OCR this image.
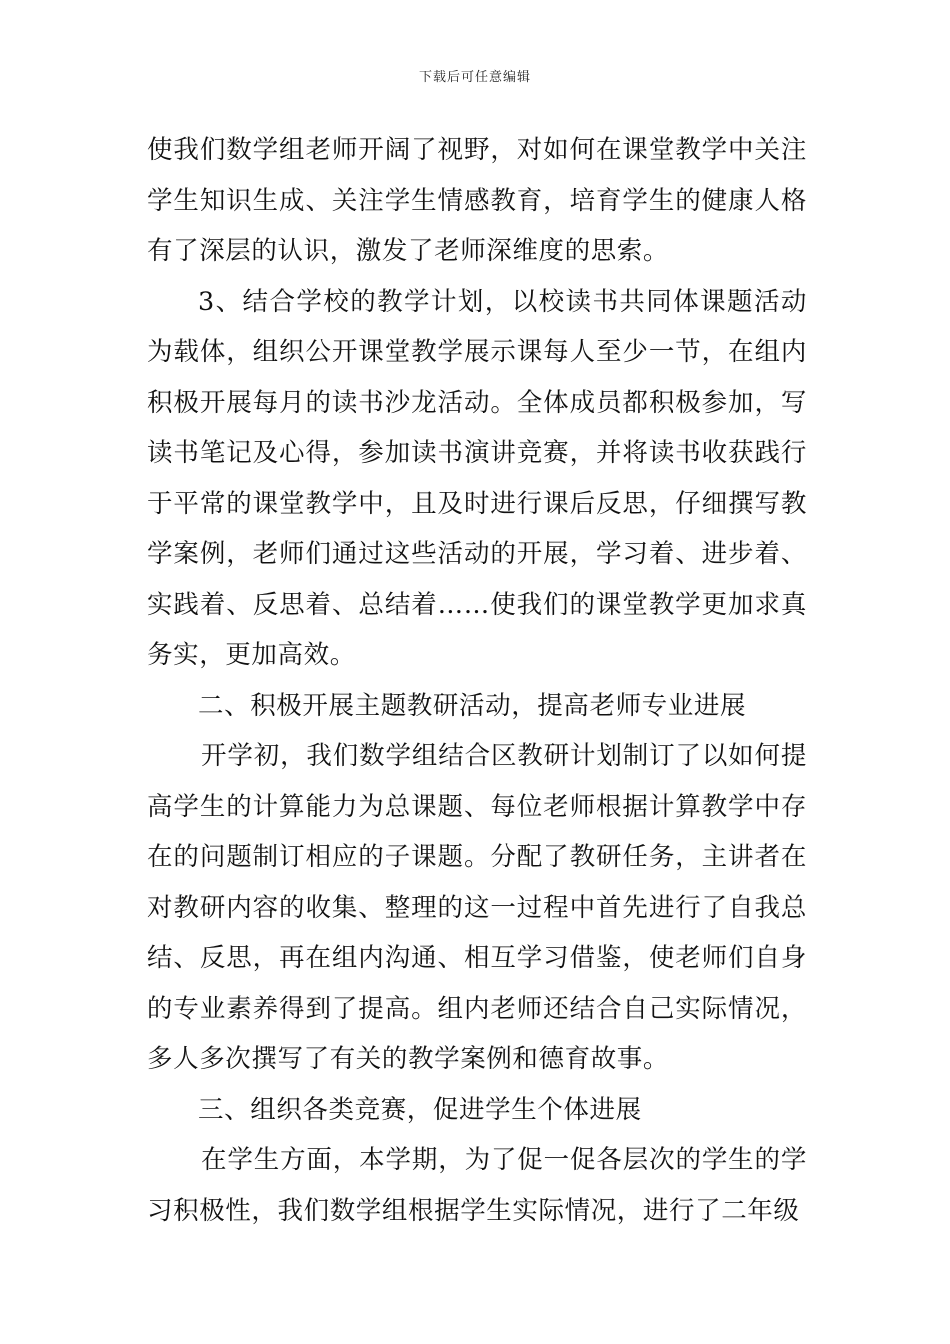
下载后可任意编辑

使我们数学组老师开阔了视野，对如何在课堂教学中关注学生知识生成、关注学生情感教育，培育学生的健康人格有了深层的认识，激发了老师深维度的思索。

3、结合学校的教学计划，以校读书共同体课题活动为载体，组织公开课堂教学展示课每人至少一节，在组内积极开展每月的读书沙龙活动。全体成员都积极参加，写读书笔记及心得，参加读书演讲竞赛，并将读书收获践行于平常的课堂教学中，且及时进行课后反思，仔细撰写教学案例，老师们通过这些活动的开展，学习着、进步着、实践着、反思着、总结着……使我们的课堂教学更加求真务实，更加高效。

二、积极开展主题教研活动，提高老师专业进展

开学初，我们数学组结合区教研计划制订了以如何提高学生的计算能力为总课题、每位老师根据计算教学中存在的问题制订相应的子课题。分配了教研任务，主讲者在对教研内容的收集、整理的这一过程中首先进行了自我总结、反思，再在组内沟通、相互学习借鉴，使老师们自身的专业素养得到了提高。组内老师还结合自己实际情况，多人多次撰写了有关的教学案例和德育故事。

三、组织各类竞赛，促进学生个体进展

在学生方面，本学期，为了促一促各层次的学生的学习积极性，我们数学组根据学生实际情况，进行了二年级
